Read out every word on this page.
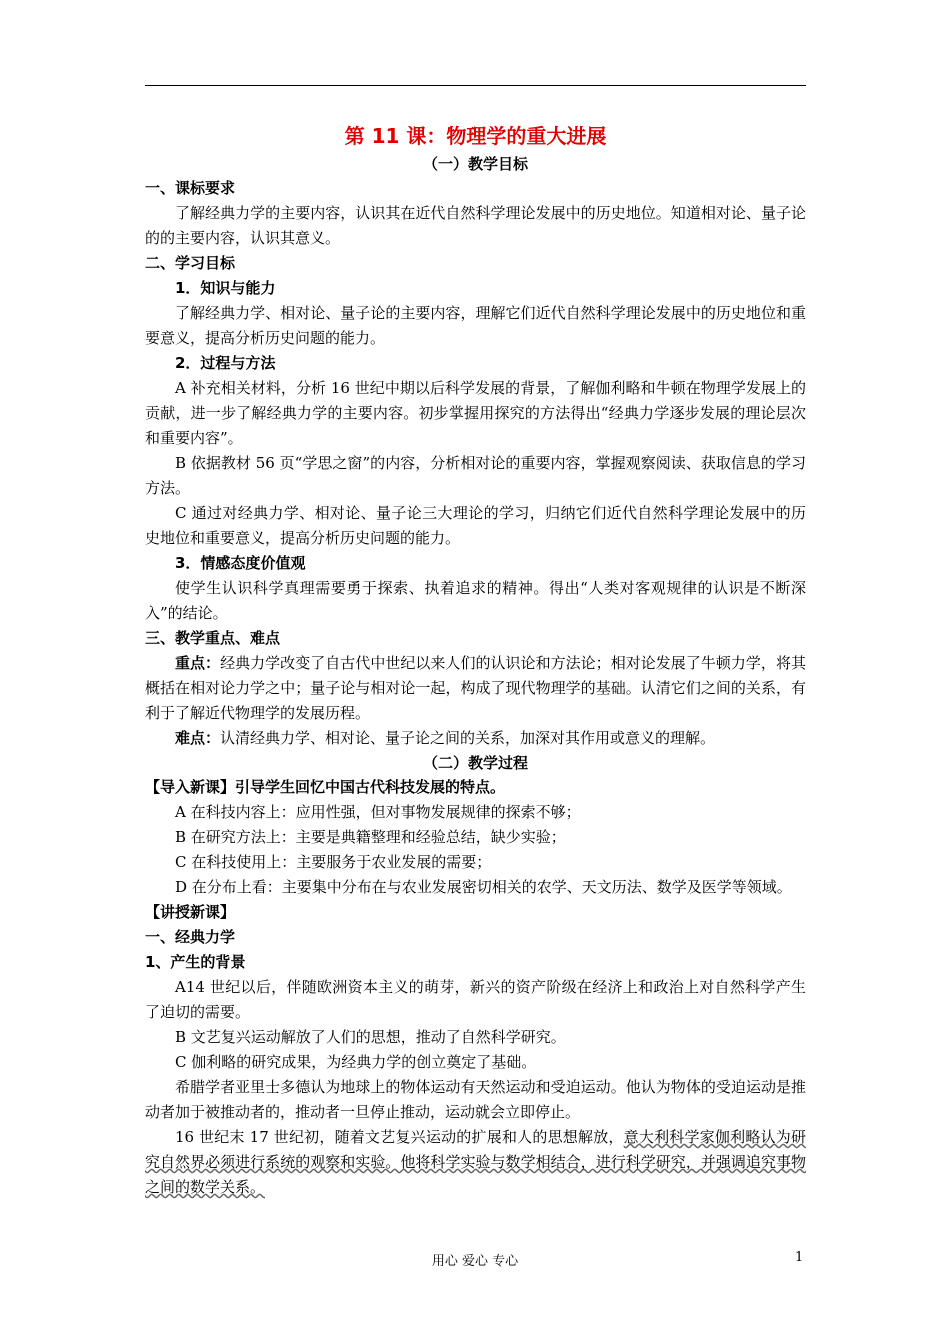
第 11 课：物理学的重大进展
（一）教学目标
一、课标要求

了解经典力学的主要内容，认识其在近代自然科学理论发展中的历史地位。知道相对论、量子论的的主要内容，认识其意义。

二、学习目标
1．知识与能力

了解经典力学、相对论、量子论的主要内容，理解它们近代自然科学理论发展中的历史地位和重要意义，提高分析历史问题的能力。

2．过程与方法

A 补充相关材料，分析 16 世纪中期以后科学发展的背景，了解伽利略和牛顿在物理学发展上的贡献，进一步了解经典力学的主要内容。初步掌握用探究的方法得出“经典力学逐步发展的理论层次和重要内容”。

B 依据教材 56 页“学思之窗”的内容，分析相对论的重要内容，掌握观察阅读、获取信息的学习方法。

C 通过对经典力学、相对论、量子论三大理论的学习，归纳它们近代自然科学理论发展中的历史地位和重要意义，提高分析历史问题的能力。

3．情感态度价值观

使学生认识科学真理需要勇于探索、执着追求的精神。得出“人类对客观规律的认识是不断深入”的结论。

三、教学重点、难点

重点：经典力学改变了自古代中世纪以来人们的认识论和方法论；相对论发展了牛顿力学，将其概括在相对论力学之中；量子论与相对论一起，构成了现代物理学的基础。认清它们之间的关系，有利于了解近代物理学的发展历程。

难点：认清经典力学、相对论、量子论之间的关系，加深对其作用或意义的理解。

（二）教学过程
【导入新课】引导学生回忆中国古代科技发展的特点。

A 在科技内容上：应用性强，但对事物发展规律的探索不够；

B 在研究方法上：主要是典籍整理和经验总结，缺少实验；

C 在科技使用上：主要服务于农业发展的需要；

D 在分布上看：主要集中分布在与农业发展密切相关的农学、天文历法、数学及医学等领域。

【讲授新课】
一、经典力学
1、产生的背景

A14 世纪以后，伴随欧洲资本主义的萌芽，新兴的资产阶级在经济上和政治上对自然科学产生了迫切的需要。

B 文艺复兴运动解放了人们的思想，推动了自然科学研究。

C 伽利略的研究成果，为经典力学的创立奠定了基础。

希腊学者亚里士多德认为地球上的物体运动有天然运动和受迫运动。他认为物体的受迫运动是推动者加于被推动者的，推动者一旦停止推动，运动就会立即停止。

16 世纪末 17 世纪初，随着文艺复兴运动的扩展和人的思想解放，意大利科学家伽利略认为研究自然界必须进行系统的观察和实验。他将科学实验与数学相结合，进行科学研究，并强调追究事物之间的数学关系。

用心 爱心 专心	1
